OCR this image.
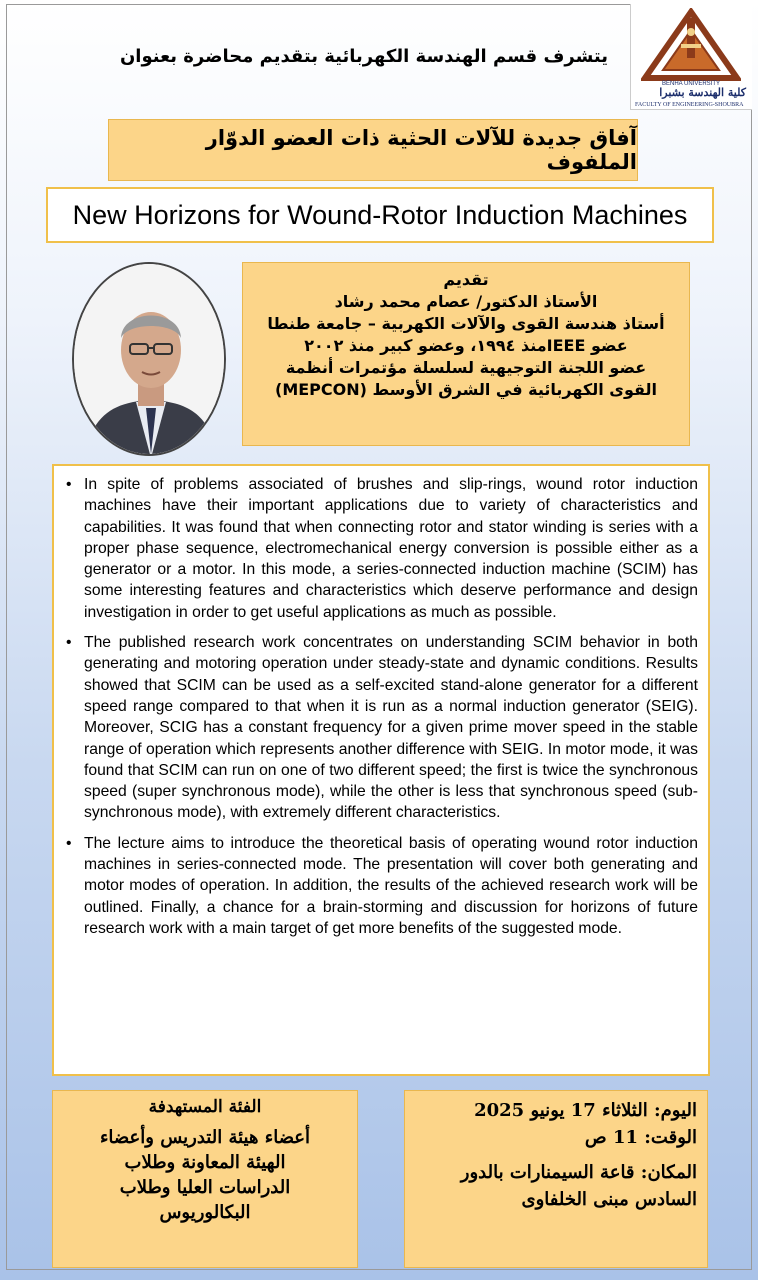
BENHA UNIVERSITY
كلية الهندسة بشبرا
FACULTY OF ENGINEERING-SHOUBRA
يتشرف قسم الهندسة الكهربائية بتقديم محاضرة بعنوان
آفاق جديدة للآلات الحثية ذات العضو الدوّار الملفوف
New Horizons for Wound-Rotor Induction Machines
تقديم
الأستاذ الدكتور/ عصام محمد رشاد
أستاذ هندسة القوى والآلات الكهربية – جامعة طنطا
عضو IEEEمنذ ١٩٩٤، وعضو كبير منذ ٢٠٠٢
عضو اللجنة التوجيهية لسلسلة مؤتمرات أنظمة
القوى الكهربائية في الشرق الأوسط (MEPCON)
• In spite of problems associated of brushes and slip-rings, wound rotor induction machines have their important applications due to variety of characteristics and capabilities. It was found that when connecting rotor and stator winding is series with a proper phase sequence, electromechanical energy conversion is possible either as a generator or a motor. In this mode, a series-connected induction machine (SCIM) has some interesting features and characteristics which deserve performance and design investigation in order to get useful applications as much as possible.
• The published research work concentrates on understanding SCIM behavior in both generating and motoring operation under steady-state and dynamic conditions. Results showed that SCIM can be used as a self-excited stand-alone generator for a different speed range compared to that when it is run as a normal induction generator (SEIG). Moreover, SCIG has a constant frequency for a given prime mover speed in the stable range of operation which represents another difference with SEIG. In motor mode, it was found that SCIM can run on one of two different speed; the first is twice the synchronous speed (super synchronous mode), while the other is less that synchronous speed (sub-synchronous mode), with extremely different characteristics.
• The lecture aims to introduce the theoretical basis of operating wound rotor induction machines in series-connected mode. The presentation will cover both generating and motor modes of operation. In addition, the results of the achieved research work will be outlined. Finally, a chance for a brain-storming and discussion for horizons of future research work with a main target of get more benefits of the suggested mode.
الفئة المستهدفة
أعضاء هيئة التدريس وأعضاء
الهيئة المعاونة وطلاب
الدراسات العليا وطلاب
البكالوريوس
اليوم: الثلاثاء 17 يونيو 2025
الوقت: 11 ص
المكان: قاعة السيمنارات بالدور
السادس مبنى الخلفاوى
